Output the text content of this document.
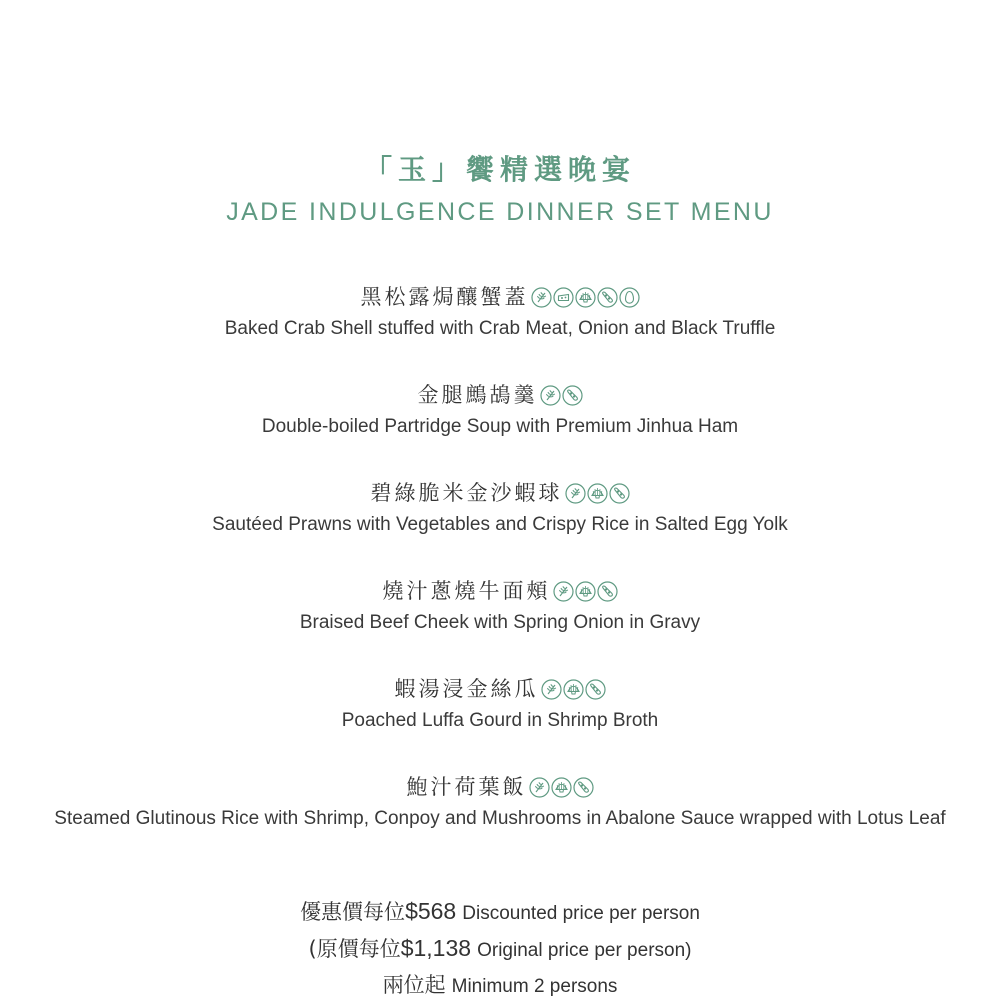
「玉」饗精選晚宴
JADE INDULGENCE DINNER SET MENU
黑松露焗釀蟹蓋
Baked Crab Shell stuffed with Crab Meat, Onion and Black Truffle
金腿鷓鴣羹
Double-boiled Partridge Soup with Premium Jinhua Ham
碧綠脆米金沙蝦球
Sautéed Prawns with Vegetables and Crispy Rice in Salted Egg Yolk
燒汁蔥燒牛面頰
Braised Beef Cheek with Spring Onion in Gravy
蝦湯浸金絲瓜
Poached Luffa Gourd in Shrimp Broth
鮑汁荷葉飯
Steamed Glutinous Rice with Shrimp, Conpoy and Mushrooms in Abalone Sauce wrapped with Lotus Leaf
優惠價每位$568 Discounted price per person
(原價每位$1,138 Original price per person)
兩位起 Minimum 2 persons
